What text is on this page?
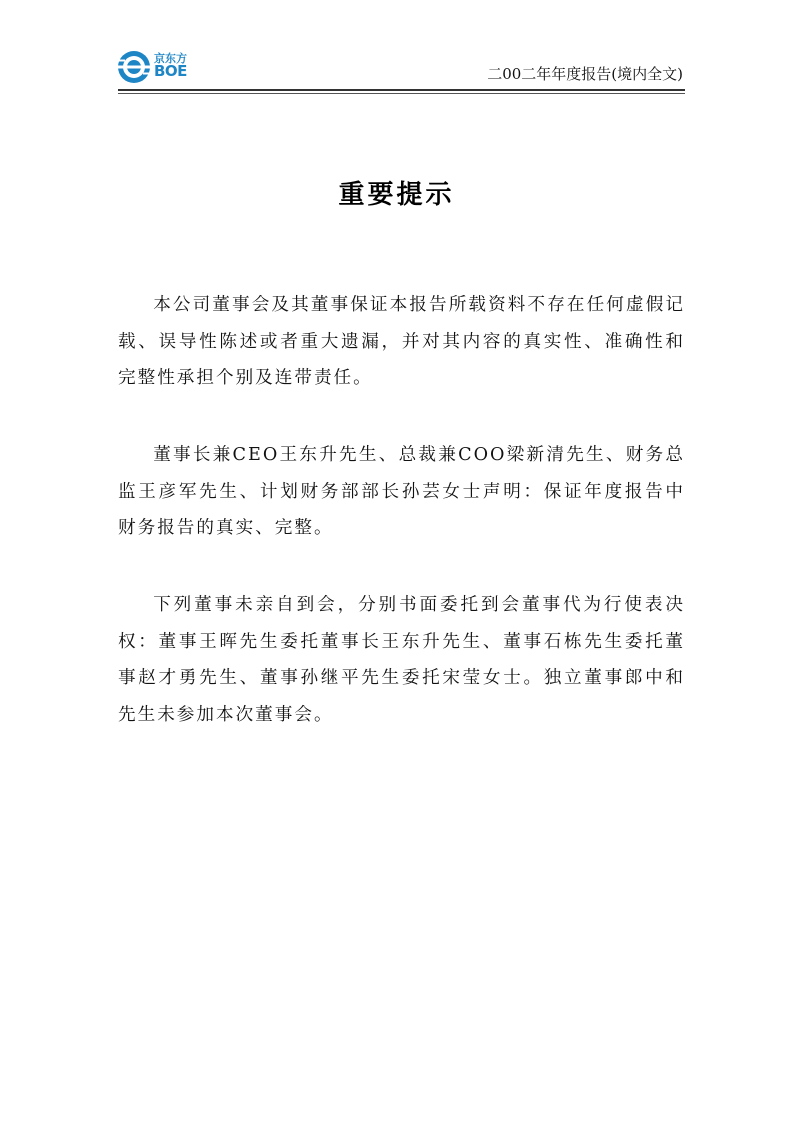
京东方
BOE	二00二年年度报告(境内全文)
重要提示

本公司董事会及其董事保证本报告所载资料不存在任何虚假记载、误导性陈述或者重大遗漏，并对其内容的真实性、准确性和完整性承担个别及连带责任。

董事长兼CEO王东升先生、总裁兼COO梁新清先生、财务总监王彦军先生、计划财务部部长孙芸女士声明：保证年度报告中财务报告的真实、完整。

下列董事未亲自到会，分别书面委托到会董事代为行使表决权：董事王晖先生委托董事长王东升先生、董事石栋先生委托董事赵才勇先生、董事孙继平先生委托宋莹女士。独立董事郎中和先生未参加本次董事会。
